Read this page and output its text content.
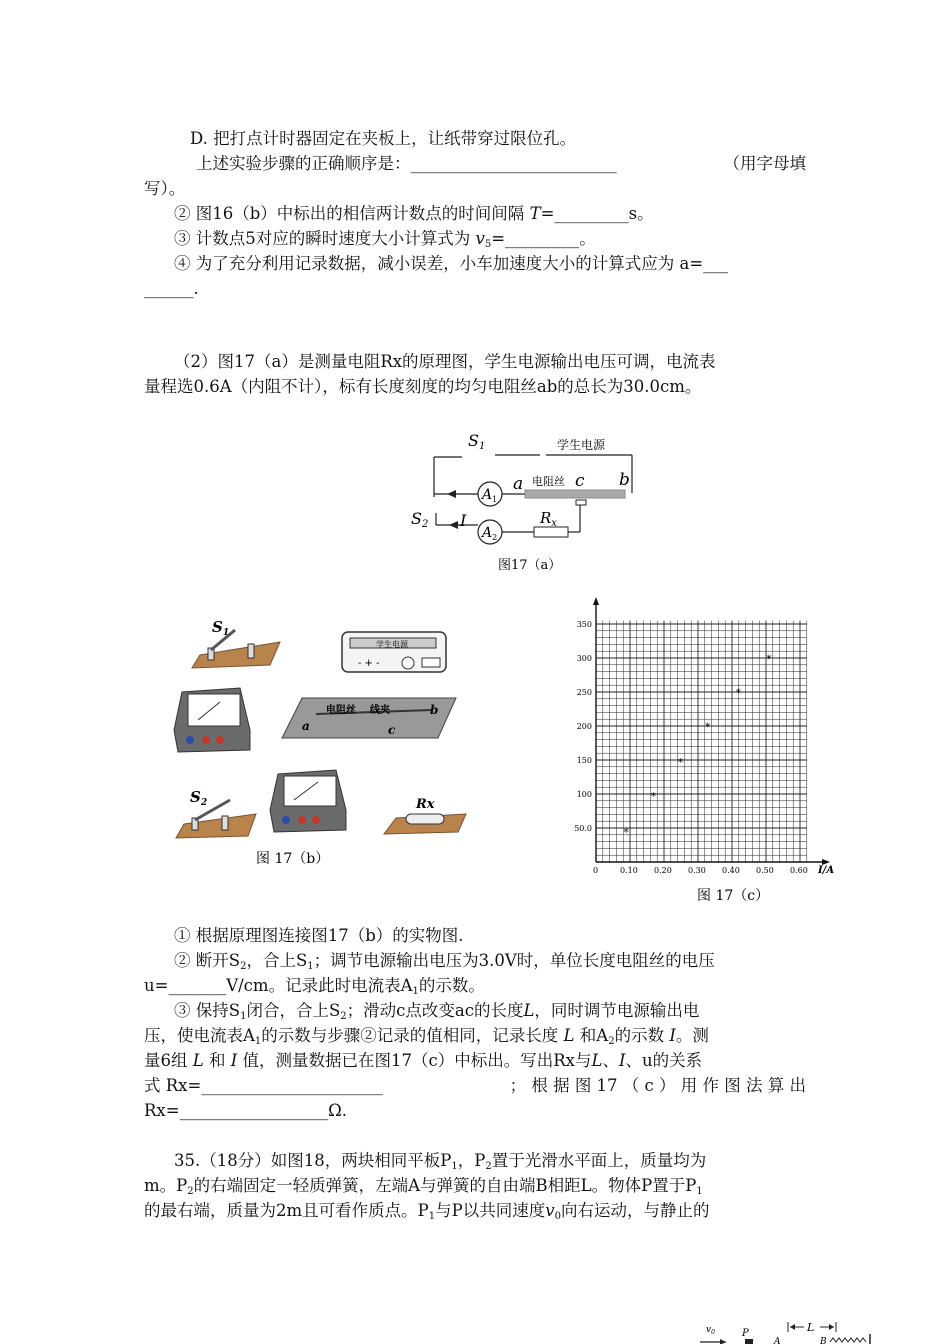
D. 把打点计时器固定在夹板上，让纸带穿过限位孔。
上述实验步骤的正确顺序是：_________________________	（用字母填
写）。
② 图16（b）中标出的相信两计数点的时间间隔 T=_________s。
③ 计数点5对应的瞬时速度大小计算式为 $v_5=\_\_\_\_\_\_\_\_\_$。
④ 为了充分利用记录数据，减小误差，小车加速度大小的计算式应为 a=___
______.
（2）图17（a）是测量电阻Rx的原理图，学生电源输出电压可调，电流表
量程选0.6A（内阻不计），标有长度刻度的均匀电阻丝ab的总长为30.0cm。
S1	学生电源
S2
$A_1$
$A_2$
a 电阻丝 c b
$R_x$
I
图17（a）
$S_1$
学生电源
- + -
电阻丝 线夹
a	c
b
$S_2$	Rx
图 17（b）
0	0.10 0.20 0.30 0.40 0.50 0.60
50.0
100
150
200
250
300
350
*
*
*
*
*
*
I/A
图 17（c）
① 根据原理图连接图17（b）的实物图.
② 断开$S_2$，合上$S_1$；调节电源输出电压为3.0V时，单位长度电阻丝的电压
u=_______V/cm。记录此时电流表$A_1$的示数。
③ 保持$S_1$闭合，合上$S_2$；滑动c点改变ac的长度L，同时调节电源输出电
压，使电流表$A_1$的示数与步骤②记录的值相同，记录长度 L 和$A_2$的示数 I。测
量6组 L 和 I 值，测量数据已在图17（c）中标出。写出Rx与L、I、u的关系
式 Rx=______________________	； 根 据 图 17 （ c ） 用 作 图 法 算 出
Rx=__________________Ω.
35.（18分）如图18，两块相同平板$P_1$，$P_2$置于光滑水平面上，质量均为
m。$P_2$的右端固定一轻质弹簧，左端A与弹簧的自由端B相距L。物体P置于$P_1$
的最右端，质量为2m且可看作质点。$P_1$与P以共同速度$v_0$向右运动，与静止的
$v_0$	P
A
L
B
